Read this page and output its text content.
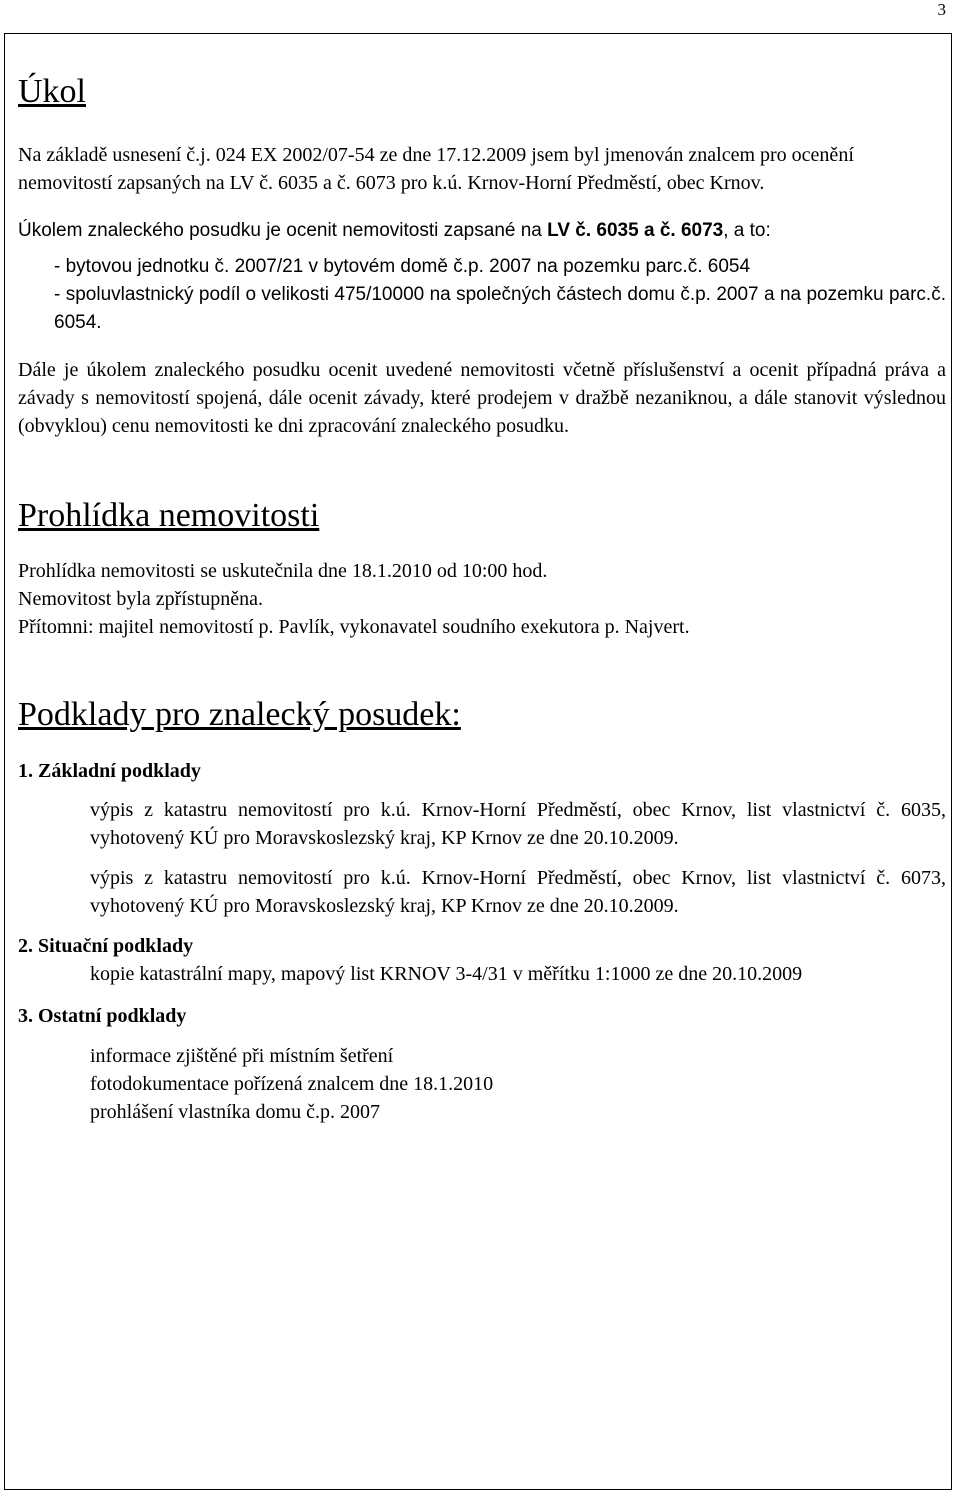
3
Úkol

Na základě usnesení č.j. 024 EX 2002/07-54 ze dne 17.12.2009 jsem byl jmenován znalcem pro ocenění nemovitostí zapsaných na LV č. 6035 a č. 6073 pro k.ú. Krnov-Horní Předměstí, obec Krnov.

Úkolem znaleckého posudku je ocenit nemovitosti zapsané na LV č. 6035 a č. 6073, a to:

- bytovou jednotku č. 2007/21 v bytovém domě č.p. 2007 na pozemku parc.č. 6054

- spoluvlastnický podíl o velikosti 475/10000 na společných částech domu č.p. 2007 a na pozemku parc.č. 6054.

Dále je úkolem znaleckého posudku ocenit uvedené nemovitosti včetně příslušenství a ocenit případná práva a závady s nemovitostí spojená, dále ocenit závady, které prodejem v dražbě nezaniknou, a dále stanovit výslednou (obvyklou) cenu nemovitosti ke dni zpracování znaleckého posudku.

Prohlídka nemovitosti

Prohlídka nemovitosti se uskutečnila dne 18.1.2010 od 10:00 hod.

Nemovitost byla zpřístupněna.

Přítomni: majitel nemovitostí p. Pavlík, vykonavatel soudního exekutora p. Najvert.

Podklady pro znalecký posudek:

1. Základní podklady

výpis z katastru nemovitostí pro k.ú. Krnov-Horní Předměstí, obec Krnov, list vlastnictví č. 6035, vyhotovený KÚ pro Moravskoslezský kraj, KP Krnov ze dne 20.10.2009.

výpis z katastru nemovitostí pro k.ú. Krnov-Horní Předměstí, obec Krnov, list vlastnictví č. 6073, vyhotovený KÚ pro Moravskoslezský kraj, KP Krnov ze dne 20.10.2009.

2. Situační podklady

kopie katastrální mapy, mapový list KRNOV 3-4/31 v měřítku 1:1000 ze dne 20.10.2009

3. Ostatní podklady

informace zjištěné při místním šetření

fotodokumentace pořízená znalcem dne 18.1.2010

prohlášení vlastníka domu č.p. 2007
